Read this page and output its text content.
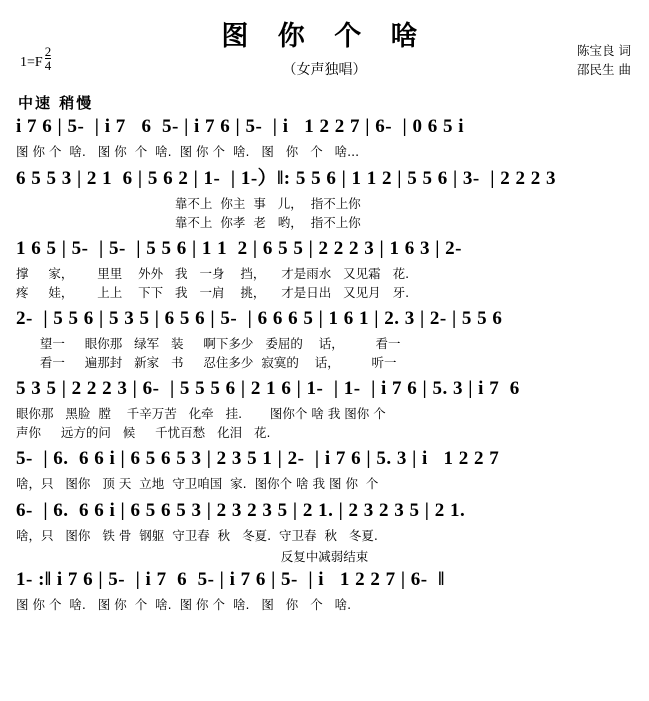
图 你 个 啥
（女声独唱）
$1=F \frac{2}{4}$	陈宝良 词
邵民生 曲
中速 稍慢
i 7 6 | 5-  | i 7   6  5- | i 7 6 | 5-  | i   1 2 2 7 | 6-  | 0 6 5 i
图 你 个  啥.   图 你  个  啥.  图 你 个  啥.   图   你   个   啥...
6 5 5 3 | 2 1  6 | 5 6 2 | 1-  | 1-）‖: 5 5 6 | 1 1 2 | 5 5 6 | 3-  | 2 2 2 3
靠不上  你主  事   儿，  指不上你
靠不上  你孝  老   哟，  指不上你
1 6 5 | 5-  | 5-  | 5 5 6 | 1 1  2 | 6 5 5 | 2 2 2 3 | 1 6 3 | 2-
撑     家，      里里    外外   我   一身    挡，    才是雨水   又见霜   花.
疼     娃，      上上    下下   我   一肩    挑，    才是日出   又见月   牙.
2-  | 5 5 6 | 5 3 5 | 6 5 6 | 5-  | 6 6 6 5 | 1 6 1 | 2. 3 | 2- | 5 5 6
望一     眼你那   绿军   装     啊下多少   委屈的    话，        看一
看一     遍那封   新家   书     忍住多少  寂寞的    话，        听一
5 3 5 | 2 2 2 3 | 6-  | 5 5 5 6 | 2 1 6 | 1-  | 1-  | i 7 6 | 5. 3 | i 7  6
眼你那   黑脸  膛    千辛万苦   化牵   挂.       图你个 啥 我 图你 个
声你     远方的问   候     千忧百愁   化泪   花.
5-  | 6.  6 6 i | 6 5 6 5 3 | 2 3 5 1 | 2-  | i 7 6 | 5. 3 | i   1 2 2 7
啥，只   图你   顶 天  立地  守卫咱国  家.  图你个 啥 我 图 你  个
6-  | 6.  6 6 i | 6 5 6 5 3 | 2 3 2 3 5 | 2 1. | 2 3 2 3 5 | 2 1.
啥，只   图你   铁 骨  钢躯  守卫春  秋   冬夏.  守卫春  秋   冬夏.
反复中减弱结束
1- :‖ i 7 6 | 5-  | i 7  6  5- | i 7 6 | 5-  | i   1 2 2 7 | 6-  ‖
图 你 个  啥.   图 你  个  啥.  图 你 个  啥.   图   你   个   啥.
